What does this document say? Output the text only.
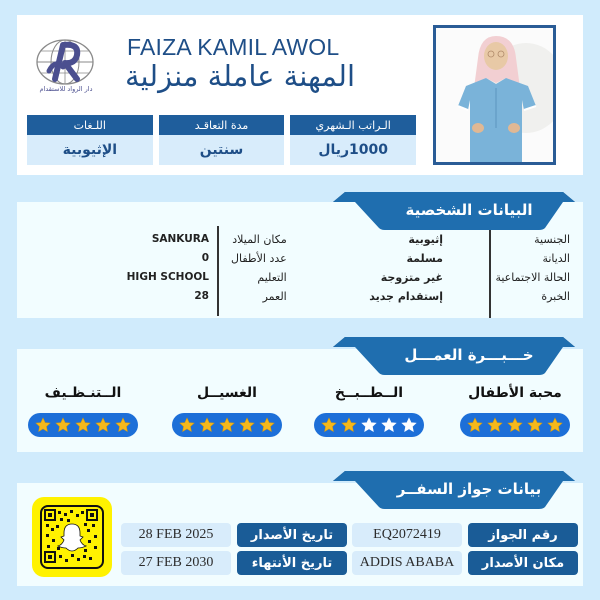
دار الرواد للاستقدام
FAIZA KAMIL AWOL
المهنة عاملة منزلية
الـراتب الـشهري
1000ريال
مدة التعاقـد
سنتين
اللـغات
الإثيوبية
الجنسية
الديانة
الحالة الاجتماعية
الخبرة
إثيوبية
مسلمة
غير متزوجة
إستقدام جديد
مكان الميلاد
عدد الأطفال
التعليم
العمر
SANKURA
0
HIGH SCHOOL
28
البيانات الشخصية
محبة الأطفال
الــطــبــخ
الغسيــل
الــتنـظـيف
خـــبـــرة العمـــل
رقم الجواز
EQ2072419
تاريخ الأصدار
28 FEB 2025
مكان الأصدار
ADDIS ABABA
تاريخ الأنتهاء
27 FEB 2030
بيانات جواز السفــر
